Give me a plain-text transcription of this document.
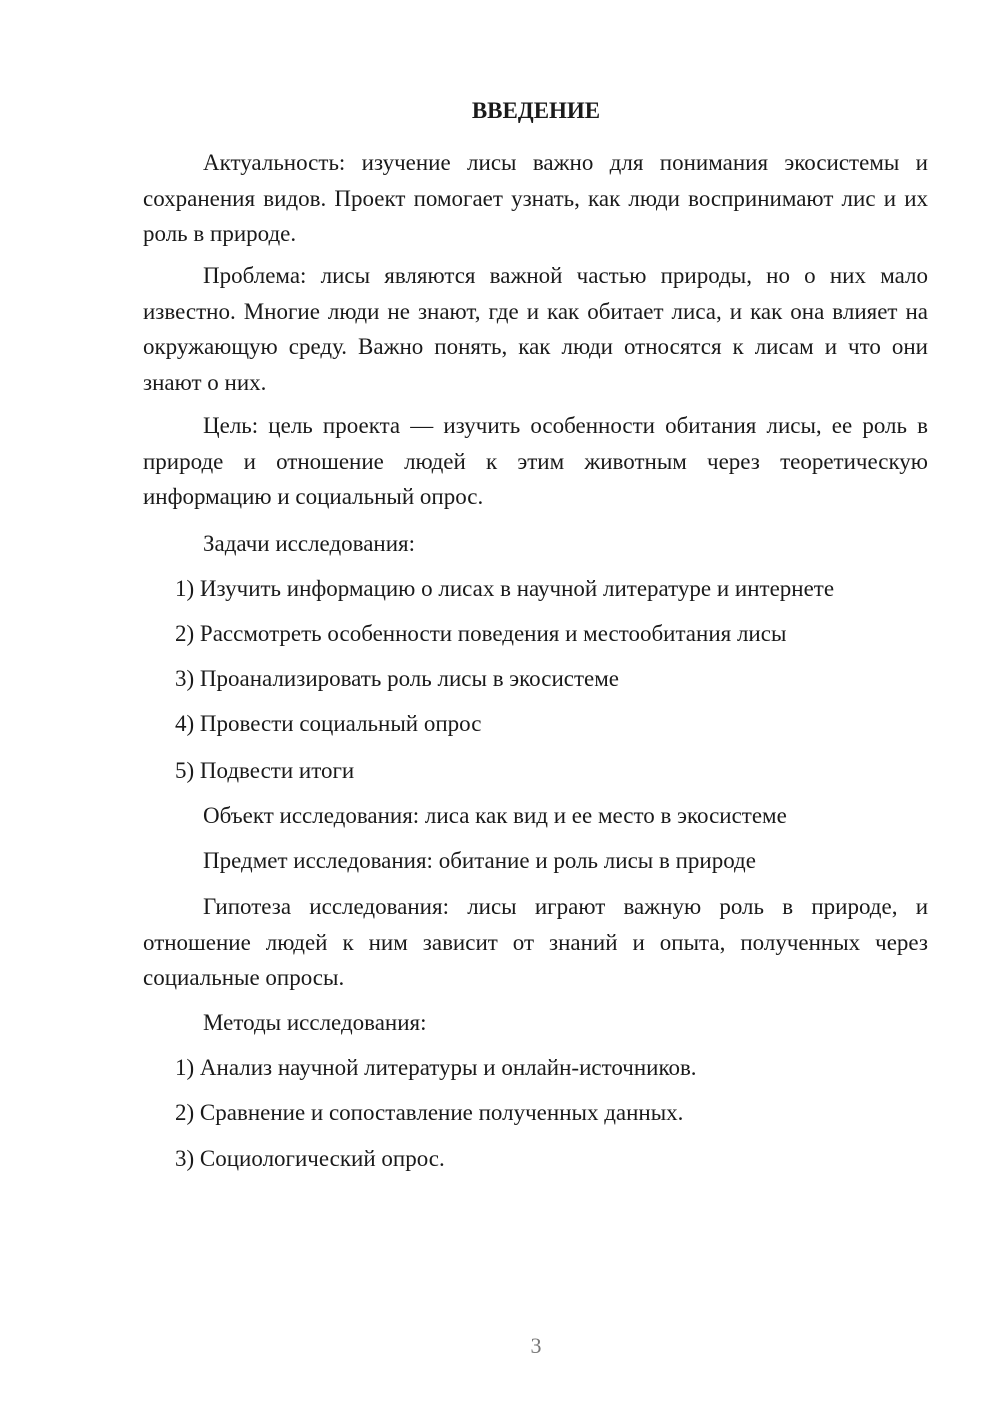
ВВЕДЕНИЕ

Актуальность: изучение лисы важно для понимания экосистемы и сохранения видов. Проект помогает узнать, как люди воспринимают лис и их роль в природе.

Проблема: лисы являются важной частью природы, но о них мало известно. Многие люди не знают, где и как обитает лиса, и как она влияет на окружающую среду. Важно понять, как люди относятся к лисам и что они знают о них.

Цель: цель проекта — изучить особенности обитания лисы, ее роль в природе и отношение людей к этим животным через теоретическую информацию и социальный опрос.

Задачи исследования:
1) Изучить информацию о лисах в научной литературе и интернете
2) Рассмотреть особенности поведения и местообитания лисы
3) Проанализировать роль лисы в экосистеме
4) Провести социальный опрос
5) Подвести итоги
Объект исследования: лиса как вид и ее место в экосистеме
Предмет исследования: обитание и роль лисы в природе

Гипотеза исследования: лисы играют важную роль в природе, и отношение людей к ним зависит от знаний и опыта, полученных через социальные опросы.

Методы исследования:
1) Анализ научной литературы и онлайн-источников.
2) Сравнение и сопоставление полученных данных.
3) Социологический опрос.
3
